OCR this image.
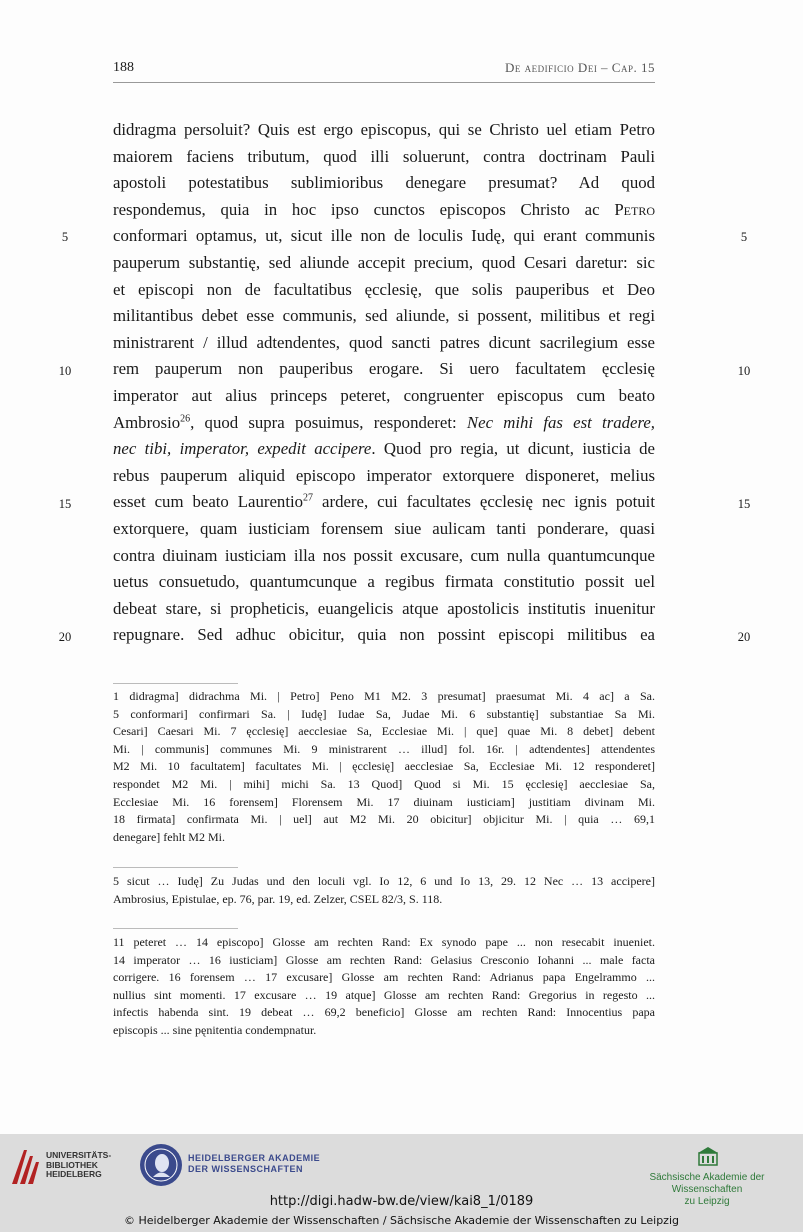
188	De aedificio Dei – Cap. 15
didragma persoluit? Quis est ergo episcopus, qui se Christo uel etiam Petro
maiorem faciens tributum, quod illi soluerunt, contra doctrinam Pauli
apostoli potestatibus sublimioribus denegare presumat? Ad quod
respondemus, quia in hoc ipso cunctos episcopos Christo ac Petro
conformari optamus, ut, sicut ille non de loculis Iudę, qui erant communis
pauperum substantię, sed aliunde accepit precium, quod Cesari daretur: sic
et episcopi non de facultatibus ęcclesię, que solis pauperibus et Deo
militantibus debet esse communis, sed aliunde, si possent, militibus et regi
ministrarent / illud adtendentes, quod sancti patres dicunt sacrilegium esse
rem pauperum non pauperibus erogare. Si uero facultatem ęcclesię
imperator aut alius princeps peteret, congruenter episcopus cum beato
Ambrosio$^{26}$, quod supra posuimus, responderet: Nec mihi fas est tradere,
nec tibi, imperator, expedit accipere. Quod pro regia, ut dicunt, iusticia de
rebus pauperum aliquid episcopo imperator extorquere disponeret, melius
esset cum beato Laurentio$^{27}$ ardere, cui facultates ęcclesię nec ignis potuit
extorquere, quam iusticiam forensem siue aulicam tanti ponderare, quasi
contra diuinam iusticiam illa nos possit excusare, cum nulla quantumcunque
uetus consuetudo, quantumcunque a regibus firmata constitutio possit uel
debeat stare, si propheticis, euangelicis atque apostolicis institutis inuenitur
repugnare. Sed adhuc obicitur, quia non possint episcopi militibus ea
5	5
10	10
15	15
20	20
1 didragma] didrachma Mi. | Petro] Peno M1 M2. 3 presumat] praesumat Mi. 4 ac] a Sa.
5 conformari] confirmari Sa. | Iudę] Iudae Sa, Judae Mi. 6 substantię] substantiae Sa Mi.
Cesari] Caesari Mi. 7 ęcclesię] aecclesiae Sa, Ecclesiae Mi. | que] quae Mi. 8 debet] debent
Mi. | communis] communes Mi. 9 ministrarent … illud] fol. 16r. | adtendentes] attendentes
M2 Mi. 10 facultatem] facultates Mi. | ęcclesię] aecclesiae Sa, Ecclesiae Mi. 12 responderet]
respondet M2 Mi. | mihi] michi Sa. 13 Quod] Quod si Mi. 15 ęcclesię] aecclesiae Sa,
Ecclesiae Mi. 16 forensem] Florensem Mi. 17 diuinam iusticiam] justitiam divinam Mi.
18 firmata] confirmata Mi. | uel] aut M2 Mi. 20 obicitur] objicitur Mi. | quia … 69,1
denegare] fehlt M2 Mi.
5 sicut … Iudę] Zu Judas und den loculi vgl. Io 12, 6 und Io 13, 29. 12 Nec … 13 accipere]
Ambrosius, Epistulae, ep. 76, par. 19, ed. Zelzer, CSEL 82/3, S. 118.
11 peteret … 14 episcopo] Glosse am rechten Rand: Ex synodo pape ... non resecabit inueniet.
14 imperator … 16 iusticiam] Glosse am rechten Rand: Gelasius Cresconio Iohanni ... male facta
corrigere. 16 forensem … 17 excusare] Glosse am rechten Rand: Adrianus papa Engelrammo ...
nullius sint momenti. 17 excusare … 19 atque] Glosse am rechten Rand: Gregorius in regesto ...
infectis habenda sint. 19 debeat … 69,2 beneficio] Glosse am rechten Rand: Innocentius papa
episcopis ... sine pęnitentia condempnatur.
UNIVERSITÄTS-
BIBLIOTHEK
HEIDELBERG
HEIDELBERGER AKADEMIE
DER WISSENSCHAFTEN
Sächsische Akademie der Wissenschaften
zu Leipzig
http://digi.hadw-bw.de/view/kai8_1/0189
© Heidelberger Akademie der Wissenschaften / Sächsische Akademie der Wissenschaften zu Leipzig
